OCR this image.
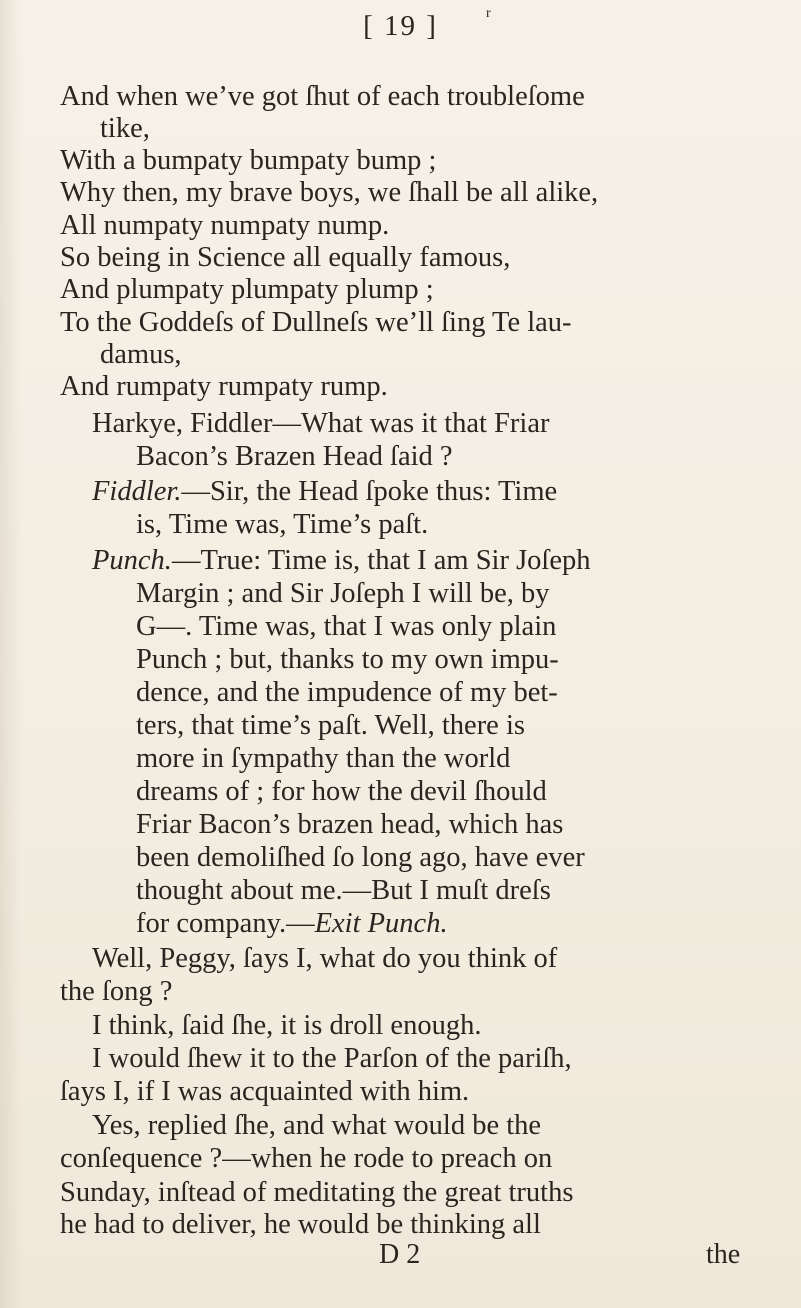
[ 19 ]	r
And when we’ve got ſhut of each troubleſome
tike,
With a bumpaty bumpaty bump ;
Why then, my brave boys, we ſhall be all alike,
All numpaty numpaty nump.
So being in Science all equally famous,
And plumpaty plumpaty plump ;
To the Goddeſs of Dullneſs we’ll ſing Te lau-
damus,
And rumpaty rumpaty rump.
Harkye, Fiddler—What was it that Friar
Bacon’s Brazen Head ſaid ?
Fiddler.—Sir, the Head ſpoke thus: Time
is, Time was, Time’s paſt.
Punch.—True: Time is, that I am Sir Joſeph
Margin ; and Sir Joſeph I will be, by
G—. Time was, that I was only plain
Punch ; but, thanks to my own impu-
dence, and the impudence of my bet-
ters, that time’s paſt. Well, there is
more in ſympathy than the world
dreams of ; for how the devil ſhould
Friar Bacon’s brazen head, which has
been demoliſhed ſo long ago, have ever
thought about me.—But I muſt dreſs
for company.—Exit Punch.
Well, Peggy, ſays I, what do you think of
the ſong ?
I think, ſaid ſhe, it is droll enough.
I would ſhew it to the Parſon of the pariſh,
ſays I, if I was acquainted with him.
Yes, replied ſhe, and what would be the
conſequence ?—when he rode to preach on
Sunday, inſtead of meditating the great truths
he had to deliver, he would be thinking all
D 2	the
